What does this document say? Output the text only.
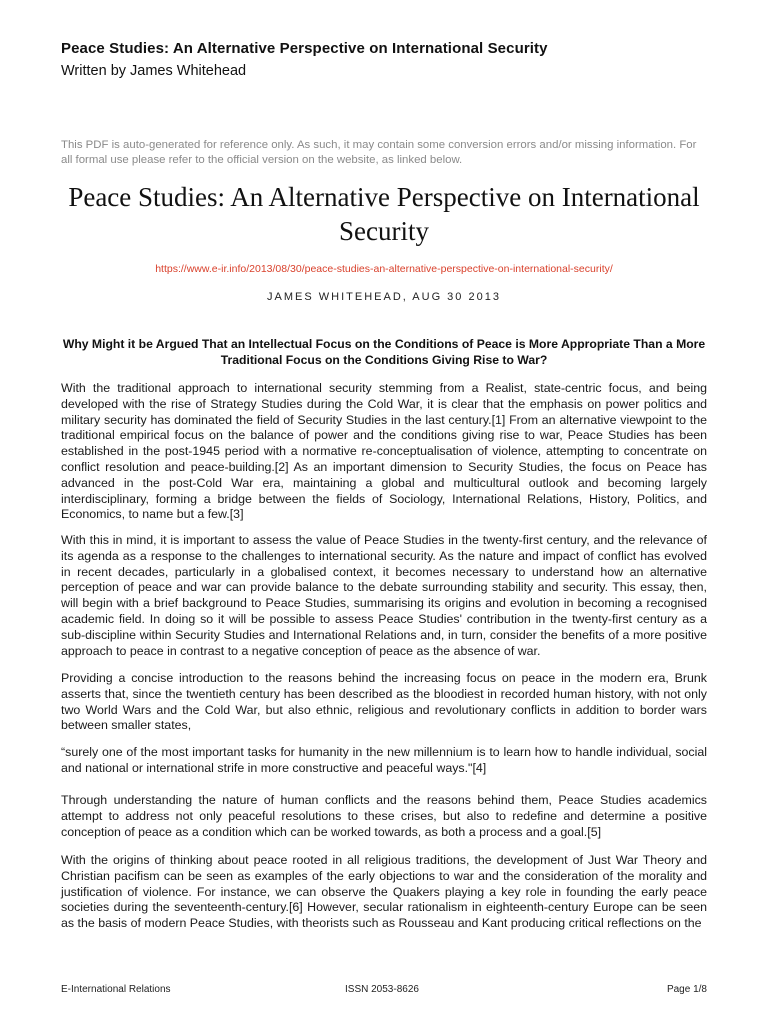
Peace Studies: An Alternative Perspective on International Security
Written by James Whitehead
This PDF is auto-generated for reference only. As such, it may contain some conversion errors and/or missing information. For all formal use please refer to the official version on the website, as linked below.
Peace Studies: An Alternative Perspective on International Security
https://www.e-ir.info/2013/08/30/peace-studies-an-alternative-perspective-on-international-security/
JAMES WHITEHEAD, AUG 30 2013
Why Might it be Argued That an Intellectual Focus on the Conditions of Peace is More Appropriate Than a More Traditional Focus on the Conditions Giving Rise to War?
With the traditional approach to international security stemming from a Realist, state-centric focus, and being developed with the rise of Strategy Studies during the Cold War, it is clear that the emphasis on power politics and military security has dominated the field of Security Studies in the last century.[1] From an alternative viewpoint to the traditional empirical focus on the balance of power and the conditions giving rise to war, Peace Studies has been established in the post-1945 period with a normative re-conceptualisation of violence, attempting to concentrate on conflict resolution and peace-building.[2] As an important dimension to Security Studies, the focus on Peace has advanced in the post-Cold War era, maintaining a global and multicultural outlook and becoming largely interdisciplinary, forming a bridge between the fields of Sociology, International Relations, History, Politics, and Economics, to name but a few.[3]
With this in mind, it is important to assess the value of Peace Studies in the twenty-first century, and the relevance of its agenda as a response to the challenges to international security. As the nature and impact of conflict has evolved in recent decades, particularly in a globalised context, it becomes necessary to understand how an alternative perception of peace and war can provide balance to the debate surrounding stability and security. This essay, then, will begin with a brief background to Peace Studies, summarising its origins and evolution in becoming a recognised academic field. In doing so it will be possible to assess Peace Studies' contribution in the twenty-first century as a sub-discipline within Security Studies and International Relations and, in turn, consider the benefits of a more positive approach to peace in contrast to a negative conception of peace as the absence of war.
Providing a concise introduction to the reasons behind the increasing focus on peace in the modern era, Brunk asserts that, since the twentieth century has been described as the bloodiest in recorded human history, with not only two World Wars and the Cold War, but also ethnic, religious and revolutionary conflicts in addition to border wars between smaller states,
“surely one of the most important tasks for humanity in the new millennium is to learn how to handle individual, social and national or international strife in more constructive and peaceful ways."[4]
Through understanding the nature of human conflicts and the reasons behind them, Peace Studies academics attempt to address not only peaceful resolutions to these crises, but also to redefine and determine a positive conception of peace as a condition which can be worked towards, as both a process and a goal.[5]
With the origins of thinking about peace rooted in all religious traditions, the development of Just War Theory and Christian pacifism can be seen as examples of the early objections to war and the consideration of the morality and justification of violence. For instance, we can observe the Quakers playing a key role in founding the early peace societies during the seventeenth-century.[6] However, secular rationalism in eighteenth-century Europe can be seen as the basis of modern Peace Studies, with theorists such as Rousseau and Kant producing critical reflections on the
E-International Relations	ISSN 2053-8626	Page 1/8
